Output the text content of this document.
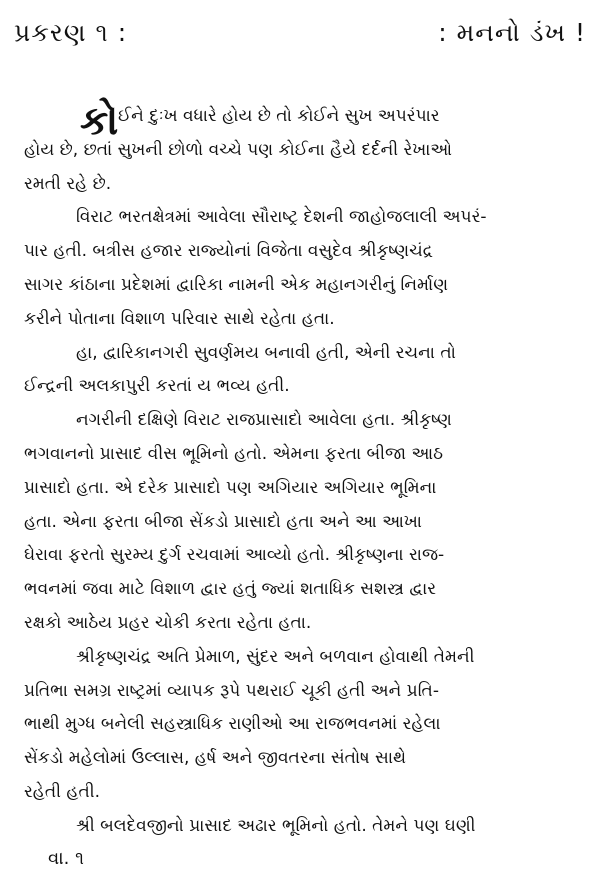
પ્રકરણ ૧ :	: મનનો ડંખ !
કો ઈને દુઃખ વધારે હોય છે તો કોઈને સુખ અપરંપાર
હોય છે, છતાં સુખની છોળો વચ્ચે પણ કોઈના હૈયે દર્દની રેખાઓ
રમતી રહે છે.
વિરાટ ભરતક્ષેત્રમાં આવેલા સૌરાષ્ટ્ર દેશની જાહોજલાલી અપરં-
પાર હતી. બત્રીસ હજાર રાજ્યોનાં વિજેતા વસુદેવ શ્રીકૃષ્ણચંદ્ર
સાગર કાંઠાના પ્રદેશમાં દ્વારિકા નામની એક મહાનગરીનું નિર્માણ
કરીને પોતાના વિશાળ પરિવાર સાથે રહેતા હતા.
હા, દ્વારિકાનગરી સુવર્ણમય બનાવી હતી, એની રચના તો
ઈન્દ્રની અલકાપુરી કરતાં ય ભવ્ય હતી.
નગરીની દક્ષિણે વિરાટ રાજપ્રાસાદો આવેલા હતા. શ્રીકૃષ્ણ
ભગવાનનો પ્રાસાદ વીસ ભૂમિનો હતો. એમના ફરતા બીજા આઠ
પ્રાસાદો હતા. એ દરેક પ્રાસાદો પણ અગિયાર અગિયાર ભૂમિના
હતા. એના ફરતા બીજા સેંકડો પ્રાસાદો હતા અને આ આખા
ઘેરાવા ફરતો સુરમ્ય દુર્ગ રચવામાં આવ્યો હતો. શ્રીકૃષ્ણના રાજ-
ભવનમાં જવા માટે વિશાળ દ્વાર હતું જ્યાં શતાધિક સશસ્ત્ર દ્વાર
રક્ષકો આઠેય પ્રહર ચોકી કરતા રહેતા હતા.
શ્રીકૃષ્ણચંદ્ર અતિ પ્રેમાળ, સુંદર અને બળવાન હોવાથી તેમની
પ્રતિભા સમગ્ર રાષ્ટ્રમાં વ્યાપક રૂપે પથરાઈ ચૂકી હતી અને પ્રતિ-
ભાથી મુગ્ધ બનેલી સહસ્ત્રાધિક રાણીઓ આ રાજભવનમાં રહેલા
સેંકડો મહેલોમાં ઉલ્લાસ, હર્ષ અને જીવતરના સંતોષ સાથે
રહેતી હતી.
શ્રી બલદેવજીનો પ્રાસાદ અઢાર ભૂમિનો હતો. તેમને પણ ઘણી
વા. ૧
